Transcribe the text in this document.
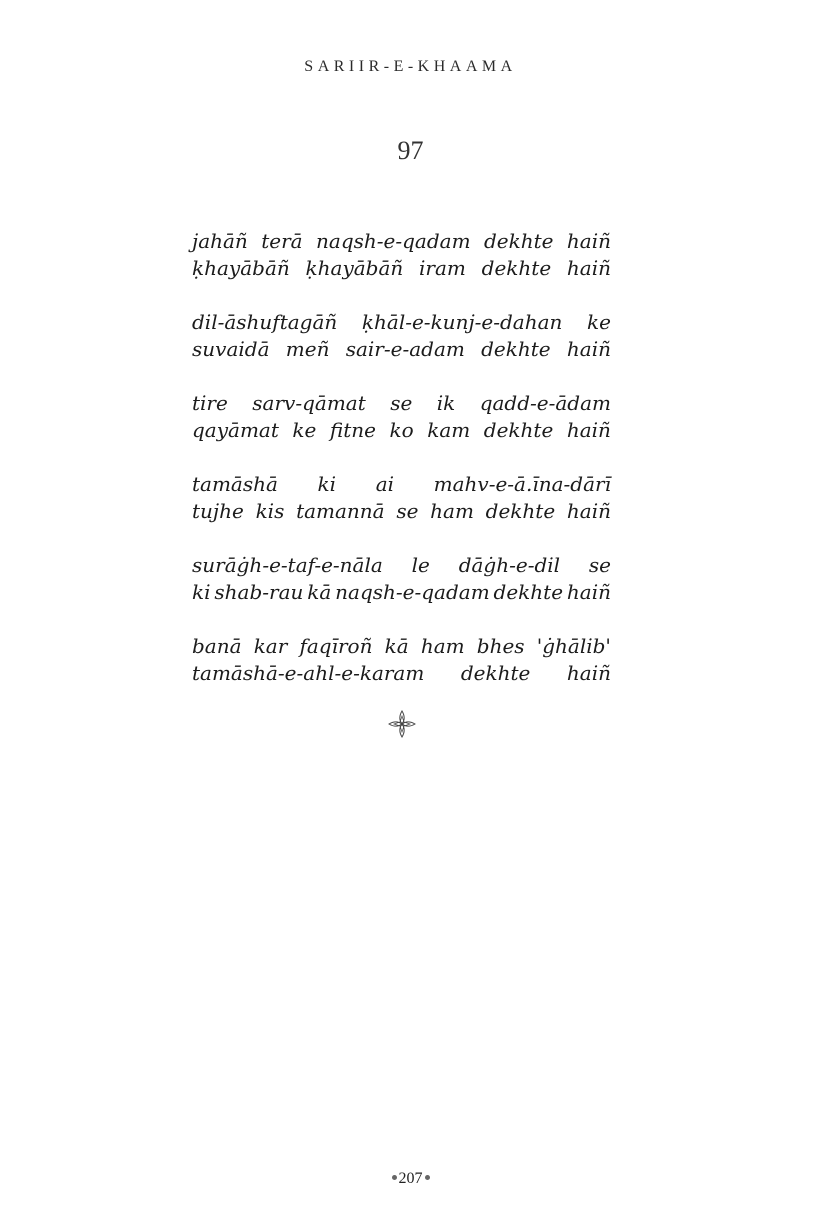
SARIIR-E-KHAAMA
97
jahāñ terā naqsh-e-qadam dekhte haiñ
ḳhayābāñ ḳhayābāñ iram dekhte haiñ
dil-āshuftagāñ ḳhāl-e-kunj-e-dahan ke
suvaidā meñ sair-e-adam dekhte haiñ
tire sarv-qāmat se ik qadd-e-ādam
qayāmat ke fitne ko kam dekhte haiñ
tamāshā ki ai mahv-e-ā.īna-dārī
tujhe kis tamannā se ham dekhte haiñ
surāġh-e-taf-e-nāla le dāġh-e-dil se
ki shab-rau kā naqsh-e-qadam dekhte haiñ
banā kar faqīroñ kā ham bhes 'ġhālib'
tamāshā-e-ahl-e-karam dekhte haiñ
207
